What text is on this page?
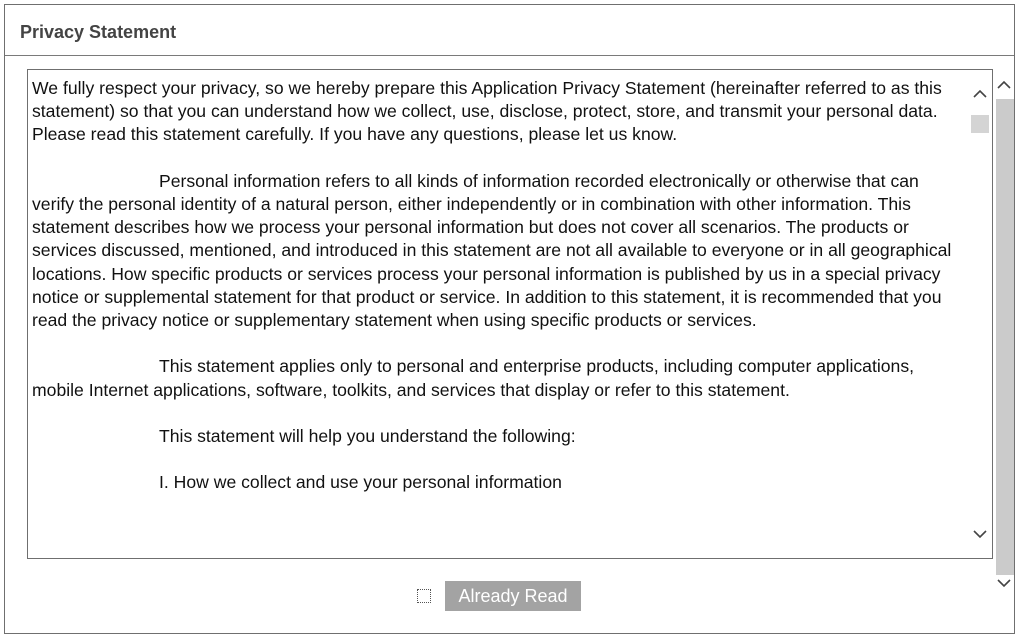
Privacy Statement

We fully respect your privacy, so we hereby prepare this Application Privacy Statement (hereinafter referred to as this statement) so that you can understand how we collect, use, disclose, protect, store, and transmit your personal data. Please read this statement carefully. If you have any questions, please let us know.

Personal information refers to all kinds of information recorded electronically or otherwise that can verify the personal identity of a natural person, either independently or in combination with other information. This statement describes how we process your personal information but does not cover all scenarios. The products or services discussed, mentioned, and introduced in this statement are not all available to everyone or in all geographical locations. How specific products or services process your personal information is published by us in a special privacy notice or supplemental statement for that product or service. In addition to this statement, it is recommended that you read the privacy notice or supplementary statement when using specific products or services.

This statement applies only to personal and enterprise products, including computer applications, mobile Internet applications, software, toolkits, and services that display or refer to this statement.

This statement will help you understand the following:

I. How we collect and use your personal information

Already Read
